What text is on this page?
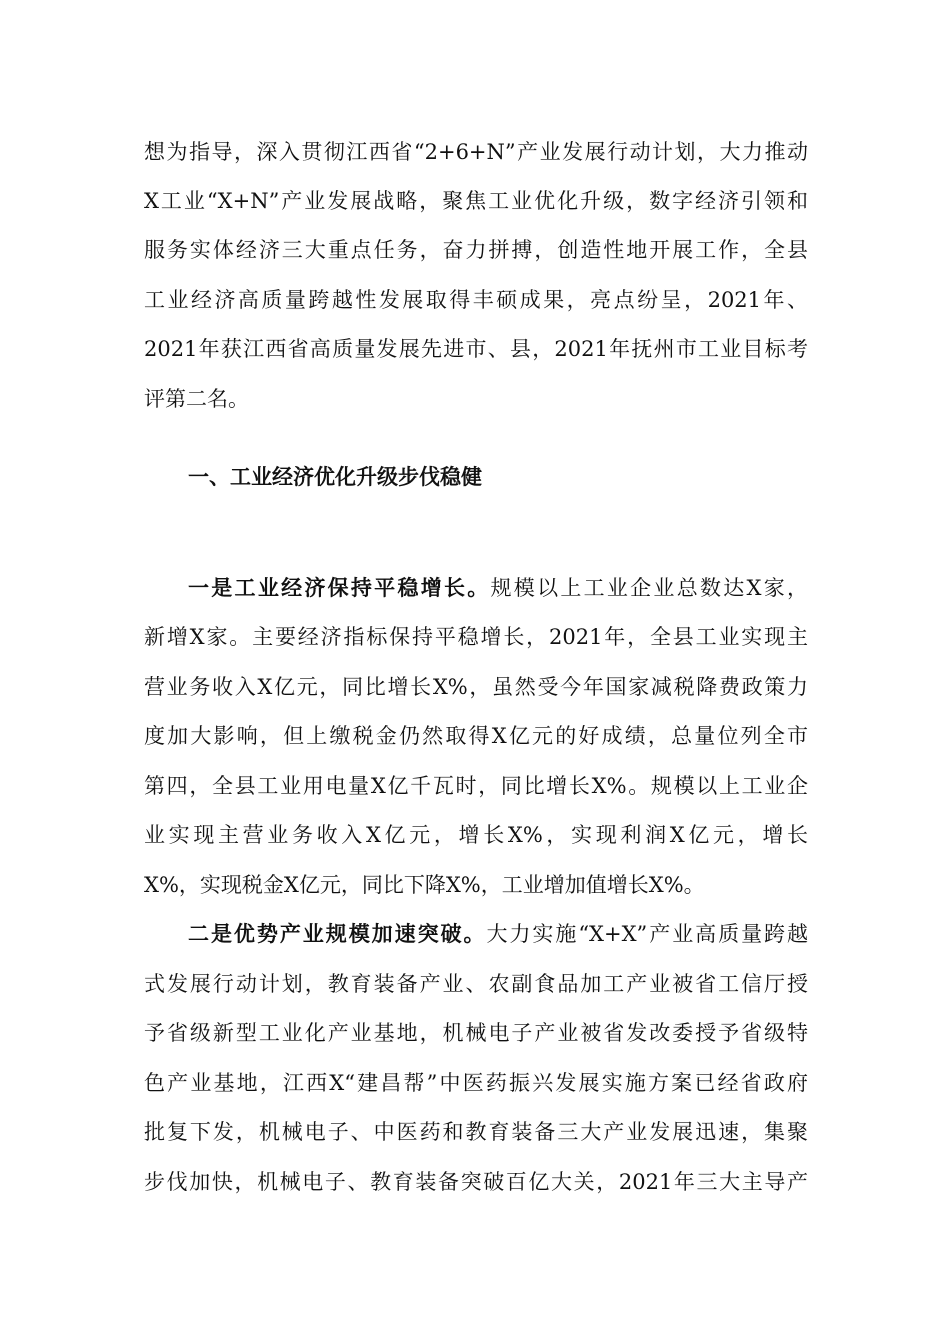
想为指导，深入贯彻江西省“2+6+N”产业发展行动计划，大力推动
X工业“X+N”产业发展战略，聚焦工业优化升级，数字经济引领和
服务实体经济三大重点任务，奋力拼搏，创造性地开展工作，全县
工业经济高质量跨越性发展取得丰硕成果，亮点纷呈，2021年、
2021年获江西省高质量发展先进市、县，2021年抚州市工业目标考
评第二名。
一、工业经济优化升级步伐稳健
一是工业经济保持平稳增长。规模以上工业企业总数达X家，
新增X家。主要经济指标保持平稳增长，2021年，全县工业实现主
营业务收入X亿元，同比增长X%，虽然受今年国家减税降费政策力
度加大影响，但上缴税金仍然取得X亿元的好成绩，总量位列全市
第四，全县工业用电量X亿千瓦时，同比增长X%。规模以上工业企
业实现主营业务收入X亿元，增长X%，实现利润X亿元，增长
X%，实现税金X亿元，同比下降X%，工业增加值增长X%。
二是优势产业规模加速突破。大力实施“X+X”产业高质量跨越
式发展行动计划，教育装备产业、农副食品加工产业被省工信厅授
予省级新型工业化产业基地，机械电子产业被省发改委授予省级特
色产业基地，江西X“建昌帮”中医药振兴发展实施方案已经省政府
批复下发，机械电子、中医药和教育装备三大产业发展迅速，集聚
步伐加快，机械电子、教育装备突破百亿大关，2021年三大主导产
